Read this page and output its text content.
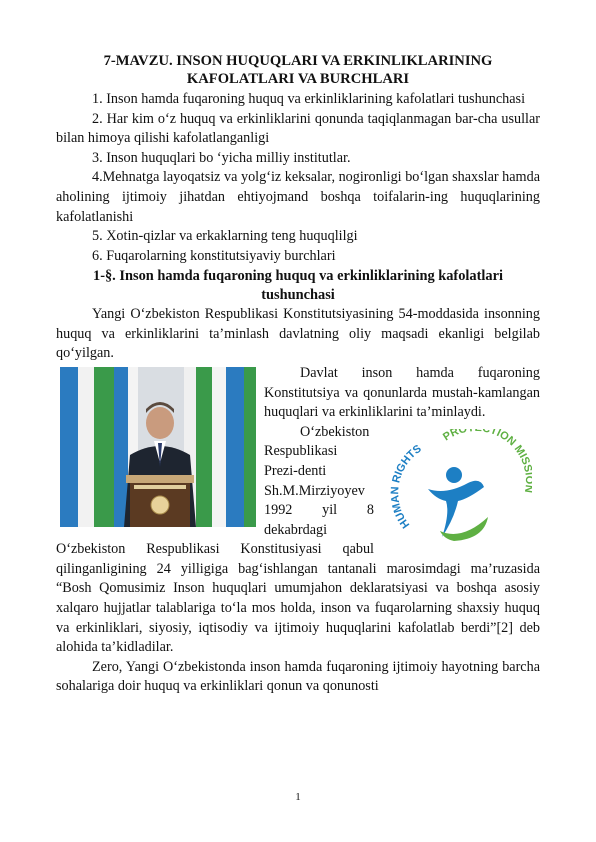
7-MAVZU. INSON HUQUQLARI VA ERKINLIKLARINING
KAFOLATLARI VA BURCHLARI

1. Inson hamda fuqaroning huquq va erkinliklarining kafolatlari tushunchasi

2. Har kim o‘z huquq va erkinliklarini qonunda taqiqlanmagan bar-cha usullar bilan himoya qilishi kafolatlanganligi

3. Inson huquqlari bo ‘yicha milliy institutlar.

4.Mehnatga layoqatsiz va yolg‘iz keksalar, nogironligi bo‘lgan shaxslar hamda aholining ijtimoiy jihatdan ehtiyojmand boshqa toifalarin-ing huquqlarining kafolatlanishi

5. Xotin-qizlar va erkaklarning teng huquqlilgi

6. Fuqarolarning konstitutsiyaviy burchlari

1-§. Inson hamda fuqaroning huquq va erkinliklarining kafolatlari
tushunchasi

Yangi O‘zbekiston Respublikasi Konstitutsiyasining 54-moddasida insonning huquq va erkinliklarini ta’minlash davlatning oliy maqsadi ekanligi belgilab qo‘yilgan.

Davlat inson hamda fuqaroning Konstitutsiya va qonunlarda mustah-kamlangan huquqlari va erkinliklarini ta’minlaydi.

HUMAN RIGHTS
PRO CTION MIS

O‘zbekiston Respublikasi Prezi-denti Sh.M.Mirziyoyev 1992 yil 8 dekabrdagi O‘zbekiston Respublikasi Konstitusiyasi qabul qilinganligining 24 yilligiga bag‘ishlangan tantanali marosimdagi ma’ruzasida “Bosh Qomusimiz Inson huquqlari umumjahon deklaratsiyasi va boshqa asosiy xalqaro hujjatlar talablariga to‘la mos holda, inson va fuqarolarning shaxsiy huquq va erkinliklari, siyosiy, iqtisodiy va ijtimoiy huquqlarini kafolatlab berdi”[2] deb alohida ta’kidladilar.

Zero, Yangi O‘zbekistonda inson hamda fuqaroning ijtimoiy hayotning barcha sohalariga doir huquq va erkinliklari qonun va qonunosti

1
